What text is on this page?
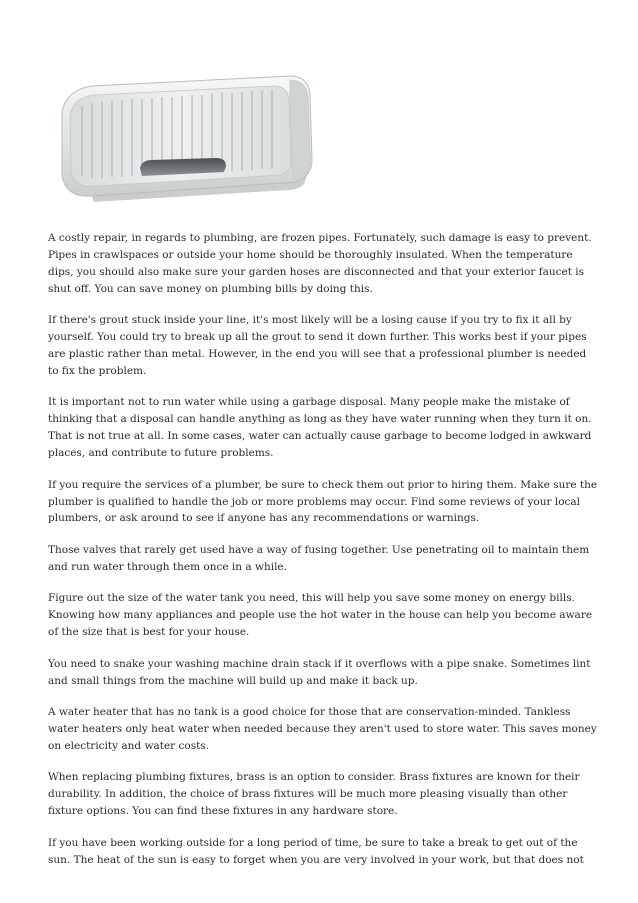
A costly repair, in regards to plumbing, are frozen pipes. Fortunately, such damage is easy to prevent. Pipes in crawlspaces or outside your home should be thoroughly insulated. When the temperature dips, you should also make sure your garden hoses are disconnected and that your exterior faucet is shut off. You can save money on plumbing bills by doing this.

If there's grout stuck inside your line, it's most likely will be a losing cause if you try to fix it all by yourself. You could try to break up all the grout to send it down further. This works best if your pipes are plastic rather than metal. However, in the end you will see that a professional plumber is needed to fix the problem.

It is important not to run water while using a garbage disposal. Many people make the mistake of thinking that a disposal can handle anything as long as they have water running when they turn it on. That is not true at all. In some cases, water can actually cause garbage to become lodged in awkward places, and contribute to future problems.

If you require the services of a plumber, be sure to check them out prior to hiring them. Make sure the plumber is qualified to handle the job or more problems may occur. Find some reviews of your local plumbers, or ask around to see if anyone has any recommendations or warnings.

Those valves that rarely get used have a way of fusing together. Use penetrating oil to maintain them and run water through them once in a while.

Figure out the size of the water tank you need, this will help you save some money on energy bills. Knowing how many appliances and people use the hot water in the house can help you become aware of the size that is best for your house.

You need to snake your washing machine drain stack if it overflows with a pipe snake. Sometimes lint and small things from the machine will build up and make it back up.

A water heater that has no tank is a good choice for those that are conservation-minded. Tankless water heaters only heat water when needed because they aren't used to store water. This saves money on electricity and water costs.

When replacing plumbing fixtures, brass is an option to consider. Brass fixtures are known for their durability. In addition, the choice of brass fixtures will be much more pleasing visually than other fixture options. You can find these fixtures in any hardware store.

If you have been working outside for a long period of time, be sure to take a break to get out of the sun. The heat of the sun is easy to forget when you are very involved in your work, but that does not
